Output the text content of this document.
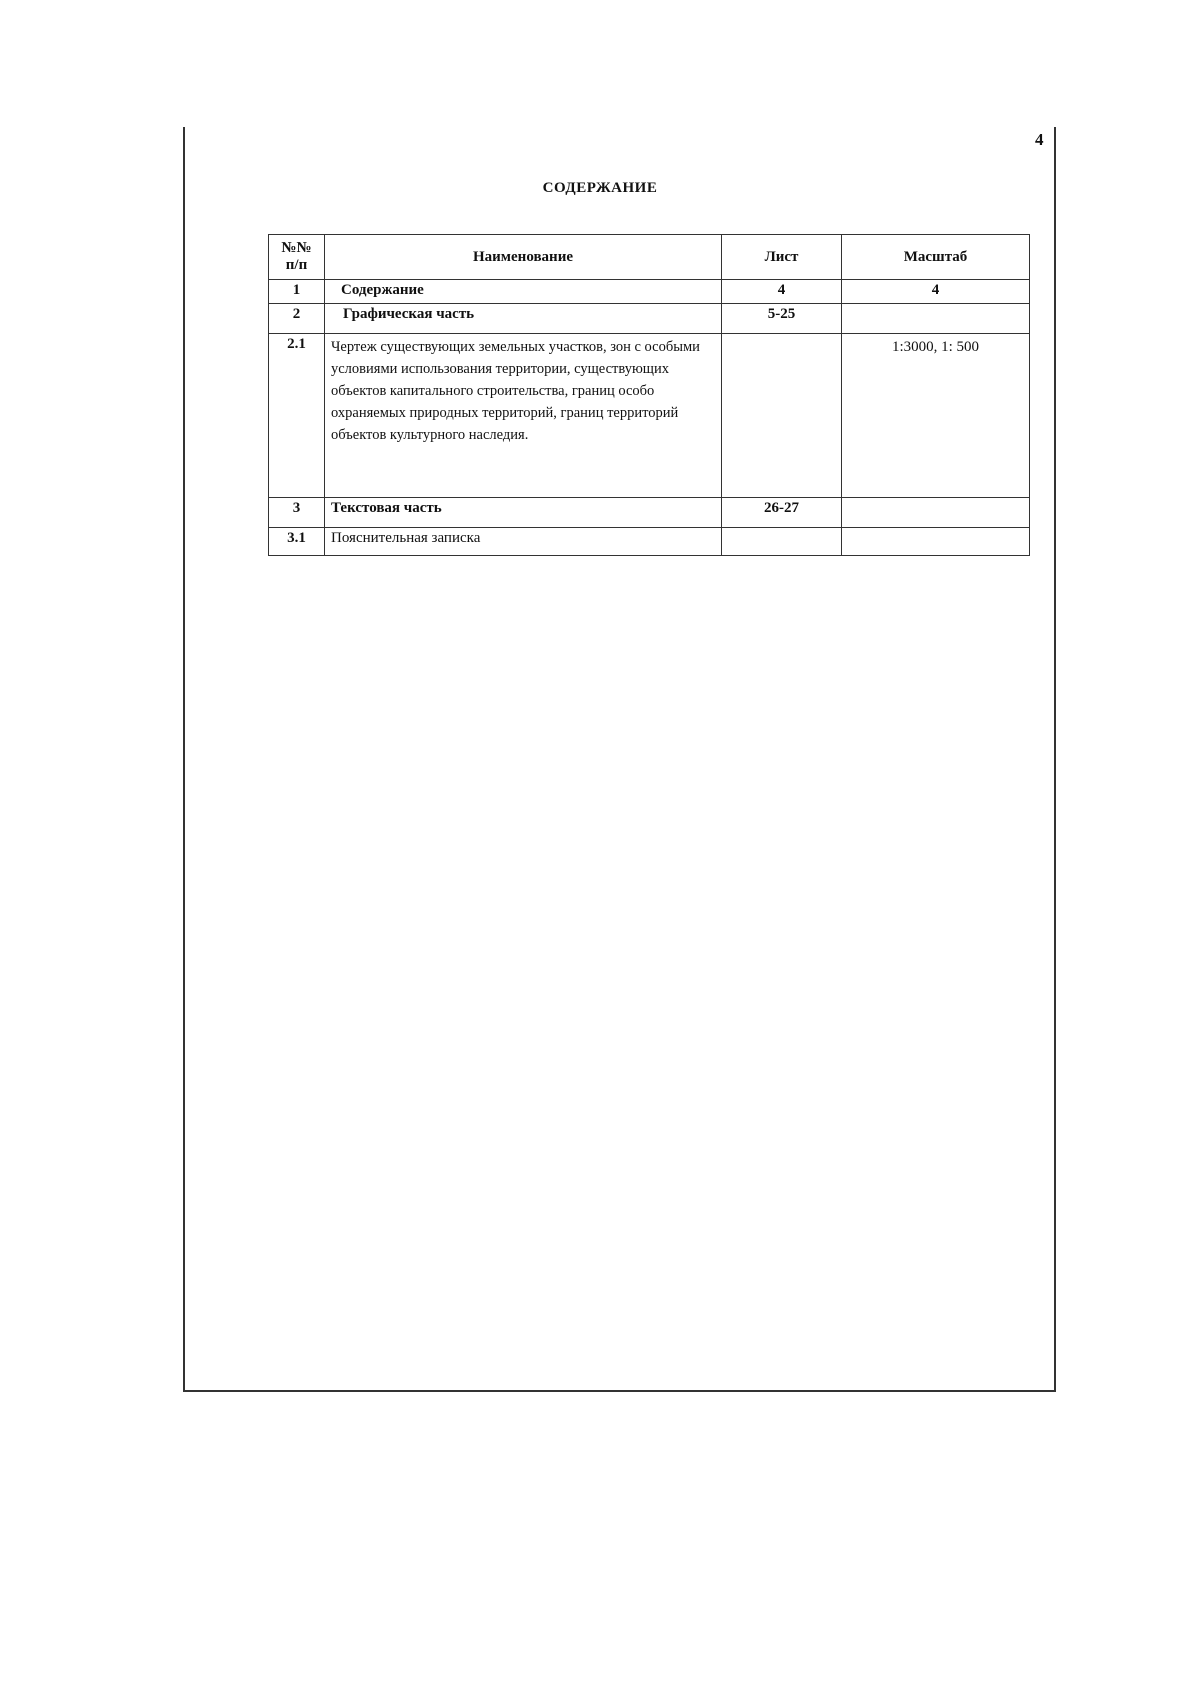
4
СОДЕРЖАНИЕ
№№ п/п	Наименование	Лист	Масштаб
1	Содержание	4	4
2	Графическая часть	5-25	
2.1	Чертеж существующих земельных участков, зон с особыми условиями использования территории, существующих объектов капитального строительства, границ особо охраняемых природных территорий, границ территорий объектов культурного наследия.		1:3000, 1: 500
3	Текстовая часть	26-27	
3.1	Пояснительная записка		
